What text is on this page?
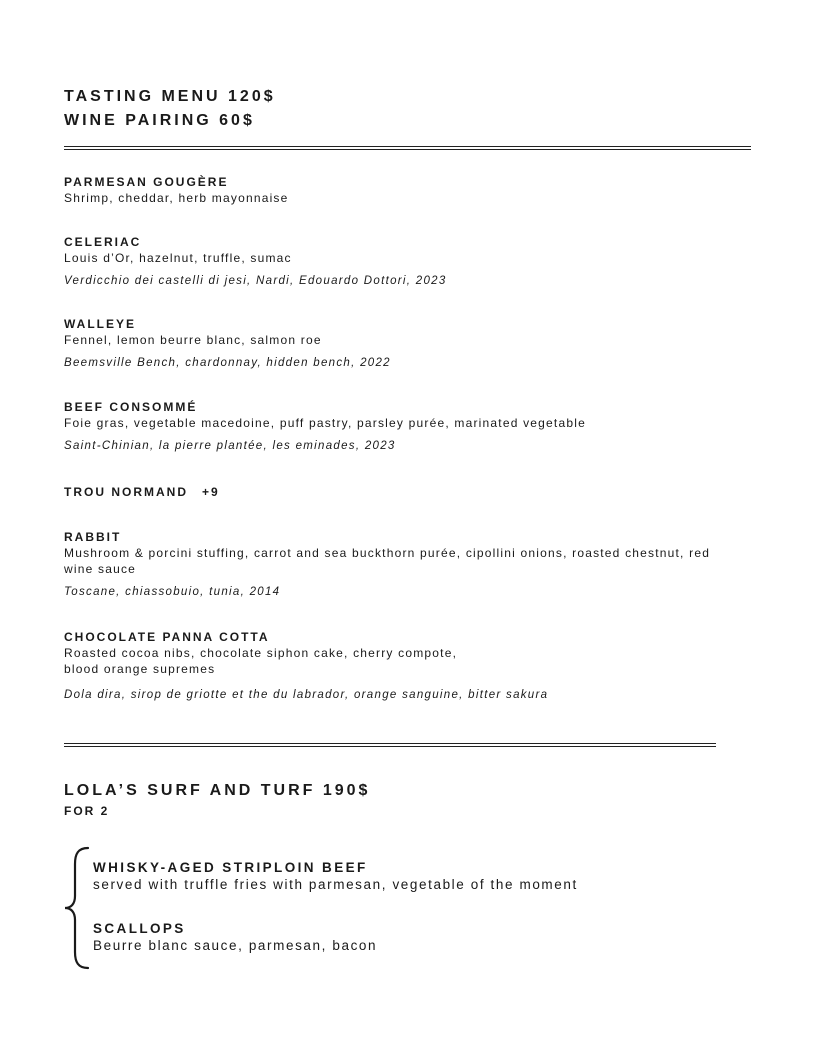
TASTING MENU 120$
WINE PAIRING 60$
PARMESAN GOUGÈRE
Shrimp, cheddar, herb mayonnaise
CELERIAC
Louis d’Or, hazelnut, truffle, sumac
Verdicchio dei castelli di jesi, Nardi, Edouardo Dottori, 2023
WALLEYE
Fennel, lemon beurre blanc, salmon roe
Beemsville Bench, chardonnay, hidden bench, 2022
BEEF CONSOMMÉ
Foie gras, vegetable macedoine, puff pastry, parsley purée, marinated vegetable
Saint-Chinian, la pierre plantée, les eminades, 2023
TROU NORMAND +9
RABBIT
Mushroom & porcini stuffing, carrot and sea buckthorn purée, cipollini onions, roasted chestnut, red wine sauce
Toscane, chiassobuio, tunia, 2014
CHOCOLATE PANNA COTTA
Roasted cocoa nibs, chocolate siphon cake, cherry compote,
blood orange supremes
Dola dira, sirop de griotte et the du labrador, orange sanguine, bitter sakura
LOLA’S SURF AND TURF 190$
FOR 2
WHISKY-AGED STRIPLOIN BEEF
served with truffle fries with parmesan, vegetable of the moment
SCALLOPS
Beurre blanc sauce, parmesan, bacon
